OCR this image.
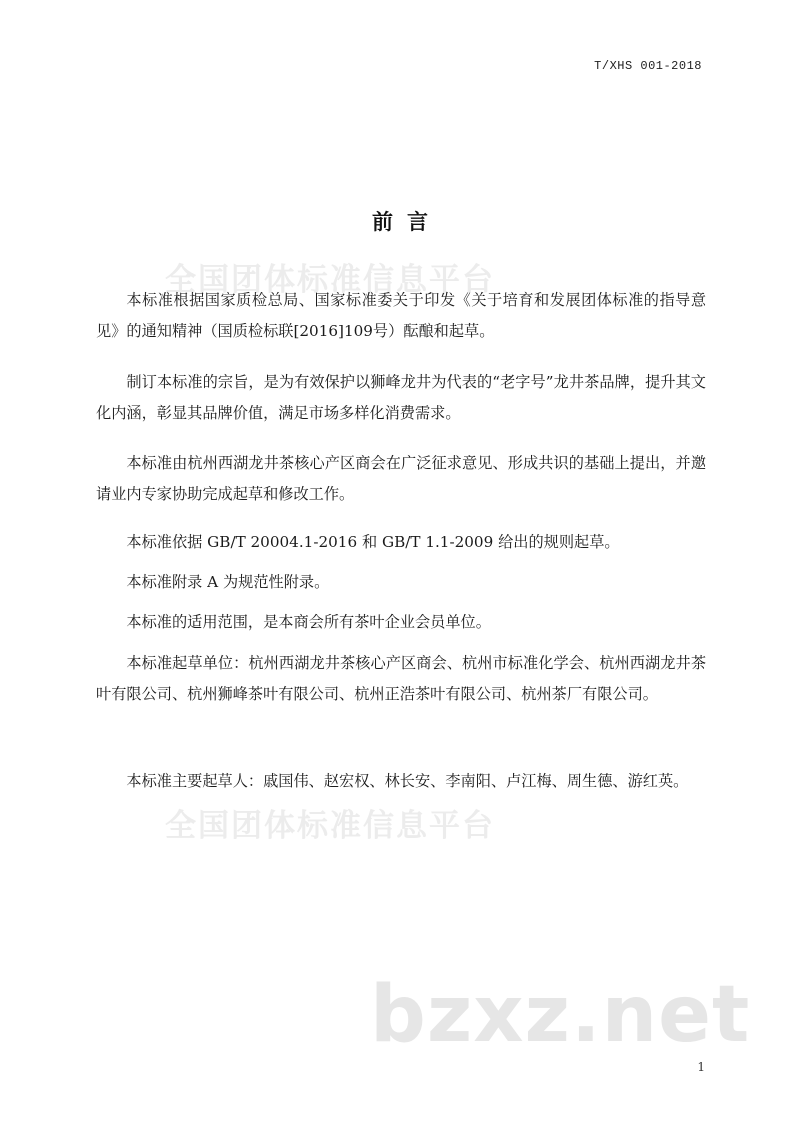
T/XHS 001-2018
前言
全国团体标准信息平台
本标准根据国家质检总局、国家标准委关于印发《关于培育和发展团体标准的指导意见》的通知精神（国质检标联[2016]109号）酝酿和起草。
制订本标准的宗旨，是为有效保护以狮峰龙井为代表的“老字号”龙井茶品牌，提升其文化内涵，彰显其品牌价值，满足市场多样化消费需求。
本标准由杭州西湖龙井茶核心产区商会在广泛征求意见、形成共识的基础上提出，并邀请业内专家协助完成起草和修改工作。
本标准依据 GB/T 20004.1-2016 和 GB/T 1.1-2009 给出的规则起草。
本标准附录 A 为规范性附录。
本标准的适用范围，是本商会所有茶叶企业会员单位。
本标准起草单位：杭州西湖龙井茶核心产区商会、杭州市标准化学会、杭州西湖龙井茶叶有限公司、杭州狮峰茶叶有限公司、杭州正浩茶叶有限公司、杭州茶厂有限公司。
本标准主要起草人：戚国伟、赵宏权、林长安、李南阳、卢江梅、周生德、游红英。
全国团体标准信息平台
bzxz.net
1
